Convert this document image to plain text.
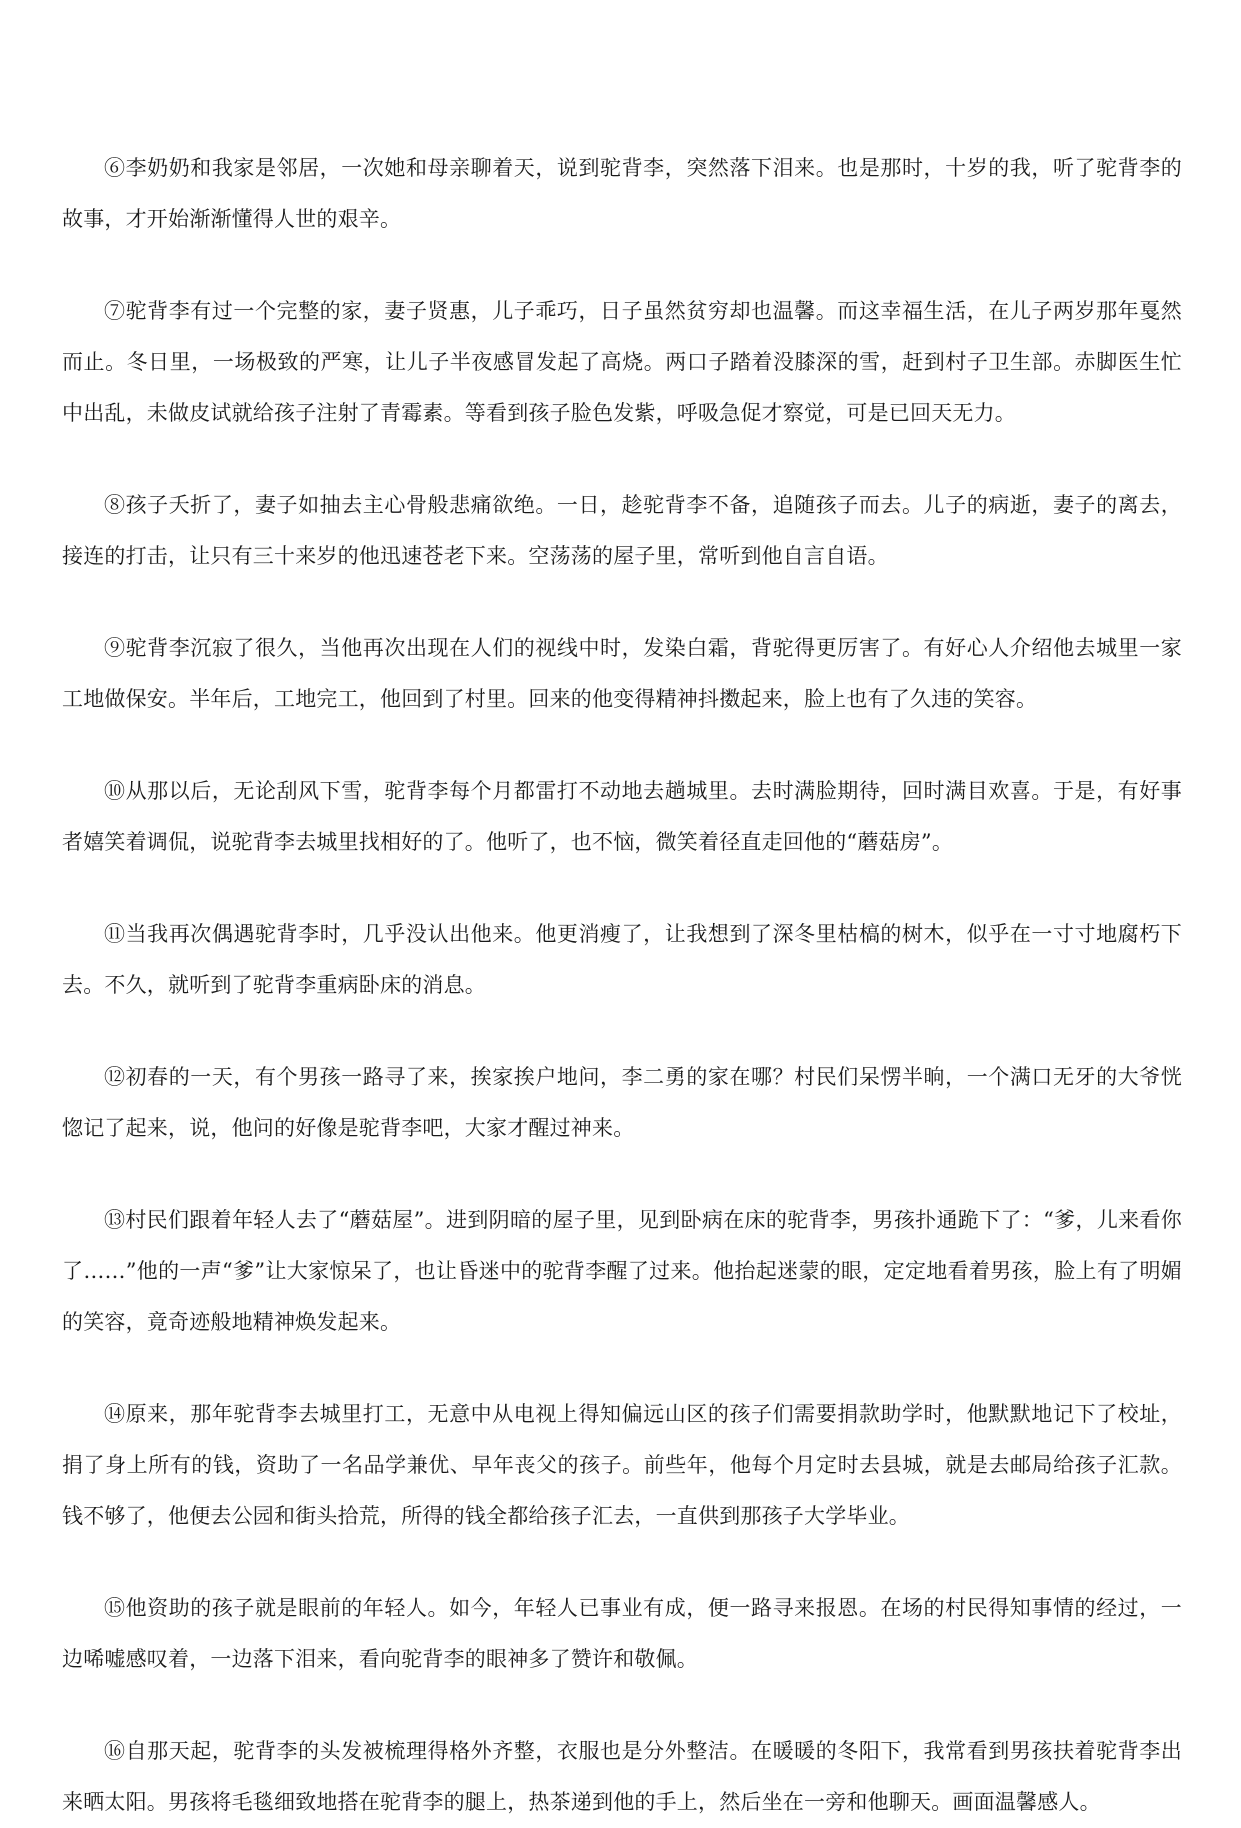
⑥李奶奶和我家是邻居，一次她和母亲聊着天，说到驼背李，突然落下泪来。也是那时，十岁的我，听了驼背李的故事，才开始渐渐懂得人世的艰辛。

⑦驼背李有过一个完整的家，妻子贤惠，儿子乖巧，日子虽然贫穷却也温馨。而这幸福生活，在儿子两岁那年戛然而止。冬日里，一场极致的严寒，让儿子半夜感冒发起了高烧。两口子踏着没膝深的雪，赶到村子卫生部。赤脚医生忙中出乱，未做皮试就给孩子注射了青霉素。等看到孩子脸色发紫，呼吸急促才察觉，可是已回天无力。

⑧孩子夭折了，妻子如抽去主心骨般悲痛欲绝。一日，趁驼背李不备，追随孩子而去。儿子的病逝，妻子的离去，接连的打击，让只有三十来岁的他迅速苍老下来。空荡荡的屋子里，常听到他自言自语。

⑨驼背李沉寂了很久，当他再次出现在人们的视线中时，发染白霜，背驼得更厉害了。有好心人介绍他去城里一家工地做保安。半年后，工地完工，他回到了村里。回来的他变得精神抖擞起来，脸上也有了久违的笑容。

⑩从那以后，无论刮风下雪，驼背李每个月都雷打不动地去趟城里。去时满脸期待，回时满目欢喜。于是，有好事者嬉笑着调侃，说驼背李去城里找相好的了。他听了，也不恼，微笑着径直走回他的“蘑菇房”。

⑪当我再次偶遇驼背李时，几乎没认出他来。他更消瘦了，让我想到了深冬里枯槁的树木，似乎在一寸寸地腐朽下去。不久，就听到了驼背李重病卧床的消息。

⑫初春的一天，有个男孩一路寻了来，挨家挨户地问，李二勇的家在哪？村民们呆愣半晌，一个满口无牙的大爷恍惚记了起来，说，他问的好像是驼背李吧，大家才醒过神来。

⑬村民们跟着年轻人去了“蘑菇屋”。进到阴暗的屋子里，见到卧病在床的驼背李，男孩扑通跪下了：“爹，儿来看你了……”他的一声“爹”让大家惊呆了，也让昏迷中的驼背李醒了过来。他抬起迷蒙的眼，定定地看着男孩，脸上有了明媚的笑容，竟奇迹般地精神焕发起来。

⑭原来，那年驼背李去城里打工，无意中从电视上得知偏远山区的孩子们需要捐款助学时，他默默地记下了校址，捐了身上所有的钱，资助了一名品学兼优、早年丧父的孩子。前些年，他每个月定时去县城，就是去邮局给孩子汇款。钱不够了，他便去公园和街头拾荒，所得的钱全都给孩子汇去，一直供到那孩子大学毕业。

⑮他资助的孩子就是眼前的年轻人。如今，年轻人已事业有成，便一路寻来报恩。在场的村民得知事情的经过，一边唏嘘感叹着，一边落下泪来，看向驼背李的眼神多了赞许和敬佩。

⑯自那天起，驼背李的头发被梳理得格外齐整，衣服也是分外整洁。在暖暖的冬阳下，我常看到男孩扶着驼背李出来晒太阳。男孩将毛毯细致地搭在驼背李的腿上，热茶递到他的手上，然后坐在一旁和他聊天。画面温馨感人。
